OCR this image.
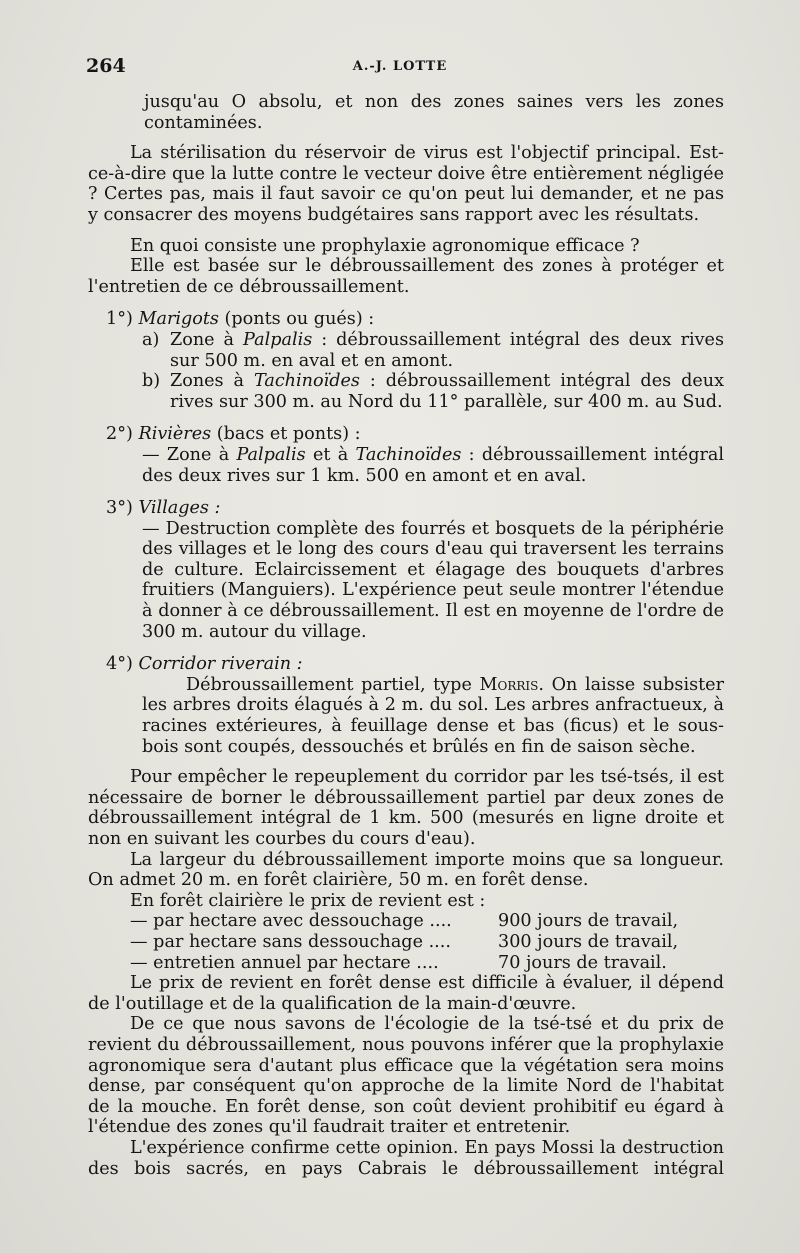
264	A.-J. LOTTE

jusqu'au O absolu, et non des zones saines vers les zones contaminées.

La stérilisation du réservoir de virus est l'objectif principal. Est-ce-à-dire que la lutte contre le vecteur doive être entièrement négligée ? Certes pas, mais il faut savoir ce qu'on peut lui demander, et ne pas y consacrer des moyens budgétaires sans rapport avec les résultats.

En quoi consiste une prophylaxie agronomique efficace ?

Elle est basée sur le débroussaillement des zones à protéger et l'entretien de ce débroussaillement.

1°) Marigots (ponts ou gués) :

a) Zone à Palpalis : débroussaillement intégral des deux rives sur 500 m. en aval et en amont.

b) Zones à Tachinoïdes : débroussaillement intégral des deux rives sur 300 m. au Nord du 11° parallèle, sur 400 m. au Sud.

2°) Rivières (bacs et ponts) :

— Zone à Palpalis et à Tachinoïdes : débroussaillement intégral des deux rives sur 1 km. 500 en amont et en aval.

3°) Villages :

— Destruction complète des fourrés et bosquets de la périphérie des villages et le long des cours d'eau qui traversent les terrains de culture. Eclaircissement et élagage des bouquets d'arbres fruitiers (Manguiers). L'expérience peut seule montrer l'étendue à donner à ce débroussaillement. Il est en moyenne de l'ordre de 300 m. autour du village.

4°) Corridor riverain :

Débroussaillement partiel, type Morris. On laisse subsister les arbres droits élagués à 2 m. du sol. Les arbres anfractueux, à racines extérieures, à feuillage dense et bas (ficus) et le sous-bois sont coupés, dessouchés et brûlés en fin de saison sèche.

Pour empêcher le repeuplement du corridor par les tsé-tsés, il est nécessaire de borner le débroussaillement partiel par deux zones de débroussaillement intégral de 1 km. 500 (mesurés en ligne droite et non en suivant les courbes du cours d'eau).

La largeur du débroussaillement importe moins que sa longueur. On admet 20 m. en forêt clairière, 50 m. en forêt dense.

En forêt clairière le prix de revient est :

— par hectare avec dessouchage ....	900 jours de travail,
— par hectare sans dessouchage ....	300 jours de travail,
— entretien annuel par hectare ....	70 jours de travail.

Le prix de revient en forêt dense est difficile à évaluer, il dépend de l'outillage et de la qualification de la main-d'œuvre.

De ce que nous savons de l'écologie de la tsé-tsé et du prix de revient du débroussaillement, nous pouvons inférer que la prophylaxie agronomique sera d'autant plus efficace que la végétation sera moins dense, par conséquent qu'on approche de la limite Nord de l'habitat de la mouche. En forêt dense, son coût devient prohibitif eu égard à l'étendue des zones qu'il faudrait traiter et entretenir.

L'expérience confirme cette opinion. En pays Mossi la destruction des bois sacrés, en pays Cabrais le débroussaillement intégral
